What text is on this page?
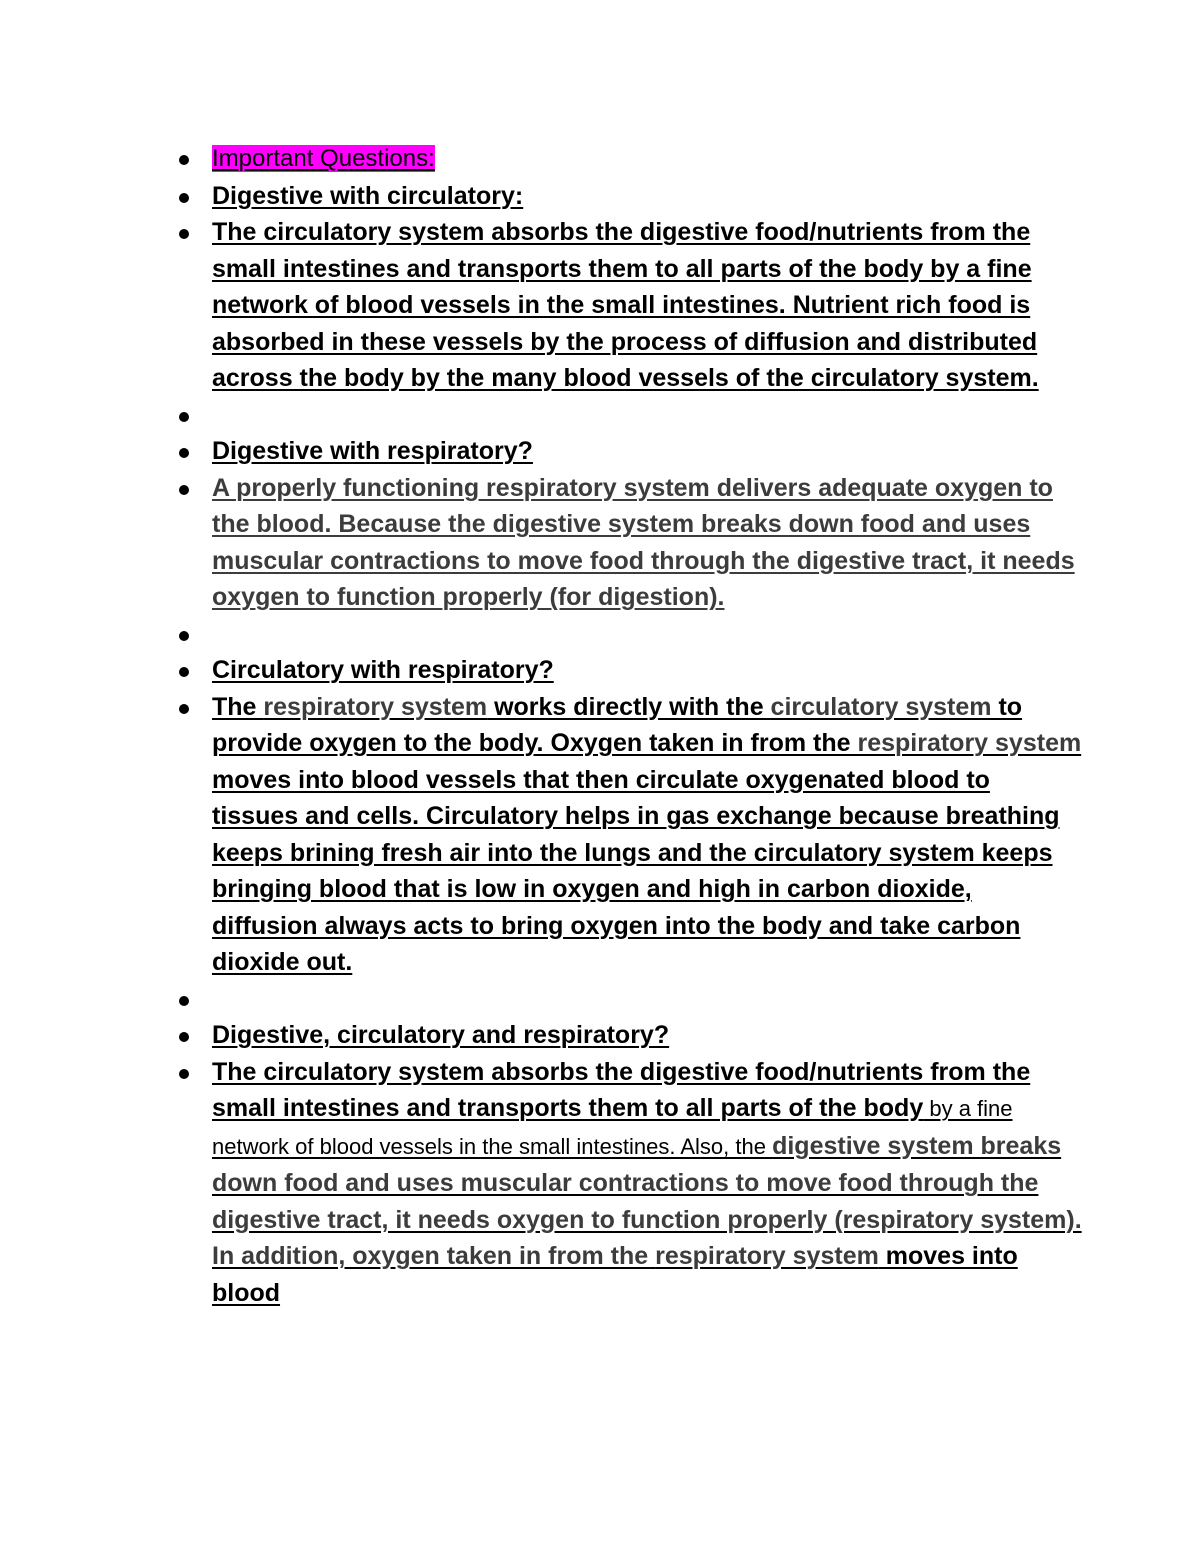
Important Questions:
Digestive with circulatory:
The circulatory system absorbs the digestive food/nutrients from the small intestines and transports them to all parts of the body by a fine network of blood vessels in the small intestines. Nutrient rich food is absorbed in these vessels by the process of diffusion and distributed across the body by the many blood vessels of the circulatory system.
Digestive with respiratory?
A properly functioning respiratory system delivers adequate oxygen to the blood. Because the digestive system breaks down food and uses muscular contractions to move food through the digestive tract, it needs oxygen to function properly (for digestion).
Circulatory with respiratory?
The respiratory system works directly with the circulatory system to provide oxygen to the body. Oxygen taken in from the respiratory system moves into blood vessels that then circulate oxygenated blood to tissues and cells. Circulatory helps in gas exchange because breathing keeps brining fresh air into the lungs and the circulatory system keeps bringing blood that is low in oxygen and high in carbon dioxide, diffusion always acts to bring oxygen into the body and take carbon dioxide out.
Digestive, circulatory and respiratory?
The circulatory system absorbs the digestive food/nutrients from the small intestines and transports them to all parts of the body by a fine network of blood vessels in the small intestines. Also, the digestive system breaks down food and uses muscular contractions to move food through the digestive tract, it needs oxygen to function properly (respiratory system). In addition, oxygen taken in from the respiratory system moves into blood
